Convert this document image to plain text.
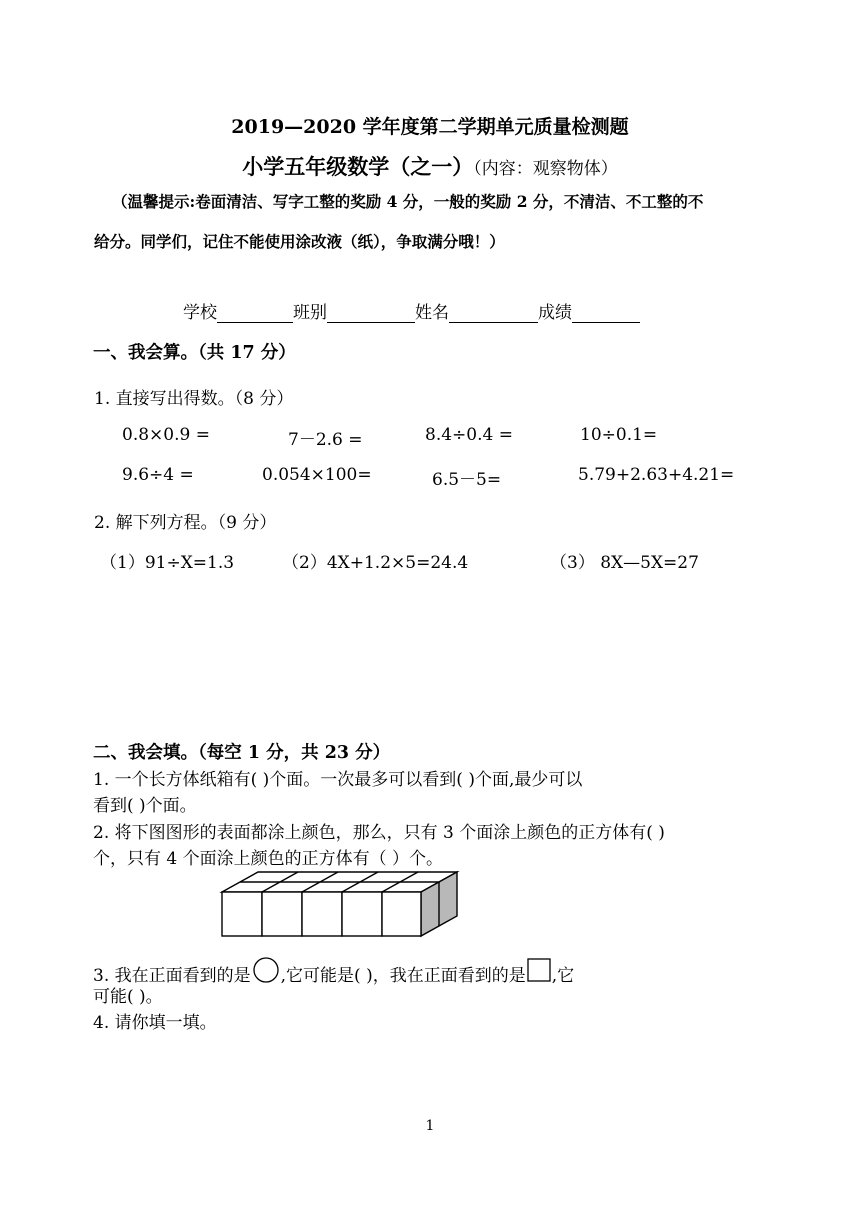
2019—2020 学年度第二学期单元质量检测题
小学五年级数学（之一）（内容：观察物体）
（温馨提示:卷面清洁、写字工整的奖励 4 分，一般的奖励 2 分，不清洁、不工整的不
给分。同学们，记住不能使用涂改液（纸），争取满分哦！）
学校	班别	姓名	成绩
一、我会算。（共 17 分）
1. 直接写出得数。（8 分）
0.8×0.9 =	7－2.6 =	8.4÷0.4 =	10÷0.1=
9.6÷4 =	0.054×100=	6.5－5=	5.79+2.63+4.21=
2. 解下列方程。（9 分）
（1）91÷X=1.3	（2）4X+1.2×5=24.4	（3） 8X—5X=27
二、我会填。（每空 1 分，共 23 分）
1. 一个长方体纸箱有( )个面。一次最多可以看到( )个面,最少可以
看到( )个面。
2. 将下图图形的表面都涂上颜色，那么，只有 3 个面涂上颜色的正方体有( )
个，只有 4 个面涂上颜色的正方体有（ ）个。
3. 我在正面看到的是 ,它可能是( )，我在正面看到的是 ,它
可能( )。
4. 请你填一填。
1
